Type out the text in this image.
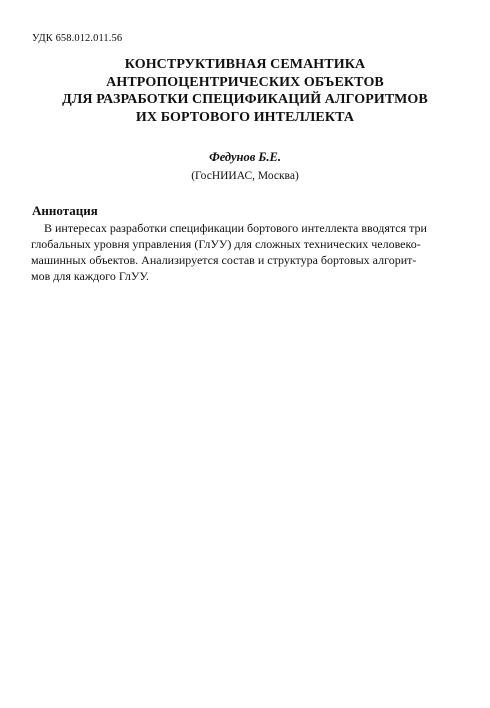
УДК 658.012.011.56
КОНСТРУКТИВНАЯ СЕМАНТИКА
АНТРОПОЦЕНТРИЧЕСКИХ ОБЪЕКТОВ
ДЛЯ РАЗРАБОТКИ СПЕЦИФИКАЦИЙ АЛГОРИТМОВ
ИХ БОРТОВОГО ИНТЕЛЛЕКТА
Федунов Б.Е.
(ГосНИИАС, Москва)
Аннотация
В интересах разработки спецификации бортового интеллекта вводятся три
глобальных уровня управления (ГлУУ) для сложных технических человеко-
машинных объектов. Анализируется состав и структура бортовых алгорит-
мов для каждого ГлУУ.
